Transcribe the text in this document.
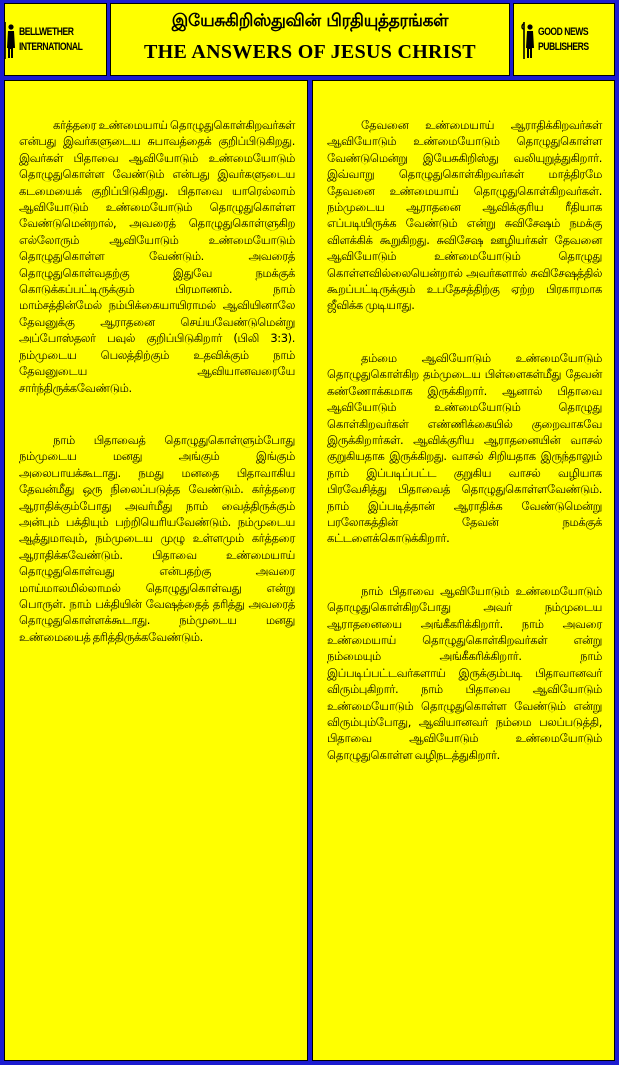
BELLWETHER
INTERNATIONAL
இயேசுகிறிஸ்துவின் பிரதியுத்தரங்கள்
THE ANSWERS OF JESUS CHRIST
GOOD NEWS
PUBLISHERS

கர்த்தரை உண்மையாய் தொழுதுகொள்கிறவர்கள் என்பது இவர்களுடைய சுபாவத்தைக் குறிப்பிடுகிறது. இவர்கள் பிதாவை ஆவியோடும் உண்மையோடும் தொழுதுகொள்ள வேண்டும் என்பது இவர்களுடைய கடமையைக் குறிப்பிடுகிறது. பிதாவை யாரெல்லாம் ஆவியோடும் உண்மையோடும் தொழுதுகொள்ள வேண்டுமென்றால், அவரைத் தொழுதுகொள்ளுகிற எல்லோரும் ஆவியோடும் உண்மையோடும் தொழுதுகொள்ள வேண்டும். அவரைத் தொழுதுகொள்வதற்கு இதுவே நமக்குக் கொடுக்கப்பட்டிருக்கும் பிரமாணம். நாம் மாம்சத்தின்மேல் நம்பிக்கையாயிராமல் ஆவியினாலே தேவனுக்கு ஆராதனை செய்யவேண்டுமென்று அப்போஸ்தலர் பவுல் குறிப்பிடுகிறார் (பிலி 3:3). நம்முடைய பெலத்திற்கும் உதவிக்கும் நாம் தேவனுடைய ஆவியானவரையே சார்ந்திருக்கவேண்டும்.

நாம் பிதாவைத் தொழுதுகொள்ளும்போது நம்முடைய மனது அங்கும் இங்கும் அலைபாயக்கூடாது. நமது மனதை பிதாவாகிய தேவன்மீது ஒரு நிலைப்படுத்த வேண்டும். கர்த்தரை ஆராதிக்கும்போது அவர்மீது நாம் வைத்திருக்கும் அன்பும் பக்தியும் பற்றியெரியவேண்டும். நம்முடைய ஆத்துமாவும், நம்முடைய முழு உள்ளமும் கர்த்தரை ஆராதிக்கவேண்டும். பிதாவை உண்மையாய் தொழுதுகொள்வது என்பதற்கு அவரை மாய்மாலமில்லாமல் தொழுதுகொள்வது என்று பொருள். நாம் பக்தியின் வேஷத்தைத் தரித்து அவரைத் தொழுதுகொள்ளக்கூடாது. நம்முடைய மனது உண்மையைத் தரித்திருக்கவேண்டும்.

தேவனை உண்மையாய் ஆராதிக்கிறவர்கள் ஆவியோடும் உண்மையோடும் தொழுதுகொள்ள வேண்டுமென்று இயேசுகிறிஸ்து வலியுறுத்துகிறார். இவ்வாறு தொழுதுகொள்கிறவர்கள் மாத்திரமே தேவனை உண்மையாய் தொழுதுகொள்கிறவர்கள். நம்முடைய ஆராதனை ஆவிக்குரிய ரீதியாக எப்படியிருக்க வேண்டும் என்று சுவிசேஷம் நமக்கு விளக்கிக் கூறுகிறது. சுவிசேஷ ஊழியர்கள் தேவனை ஆவியோடும் உண்மையோடும் தொழுது கொள்ளவில்லையென்றால் அவர்களால் சுவிசேஷத்தில் கூறப்பட்டிருக்கும் உபதேசத்திற்கு ஏற்ற பிரகாரமாக ஜீவிக்க முடியாது.

தம்மை ஆவியோடும் உண்மையோடும் தொழுதுகொள்கிற தம்முடைய பிள்ளைகள்மீது தேவன் கண்ணோக்கமாக இருக்கிறார். ஆனால் பிதாவை ஆவியோடும் உண்மையோடும் தொழுது கொள்கிறவர்கள் எண்ணிக்கையில் குறைவாகவே இருக்கிறார்கள். ஆவிக்குரிய ஆராதனையின் வாசல் குறுகியதாக இருக்கிறது. வாசல் சிறியதாக இருந்தாலும் நாம் இப்படிப்பட்ட குறுகிய வாசல் வழியாக பிரவேசித்து பிதாவைத் தொழுதுகொள்ளவேண்டும். நாம் இப்படித்தான் ஆராதிக்க வேண்டுமென்று பரலோகத்தின் தேவன் நமக்குக் கட்டளைக்கொடுக்கிறார்.

நாம் பிதாவை ஆவியோடும் உண்மையோடும் தொழுதுகொள்கிறபோது அவர் நம்முடைய ஆராதனையை அங்கீகரிக்கிறார். நாம் அவரை உண்மையாய் தொழுதுகொள்கிறவர்கள் என்று நம்மையும் அங்கீகரிக்கிறார். நாம் இப்படிப்பட்டவர்களாய் இருக்கும்படி பிதாவானவர் விரும்புகிறார். நாம் பிதாவை ஆவியோடும் உண்மையோடும் தொழுதுகொள்ள வேண்டும் என்று விரும்பும்போது, ஆவியானவர் நம்மை பலப்படுத்தி, பிதாவை ஆவியோடும் உண்மையோடும் தொழுதுகொள்ள வழிநடத்துகிறார்.
